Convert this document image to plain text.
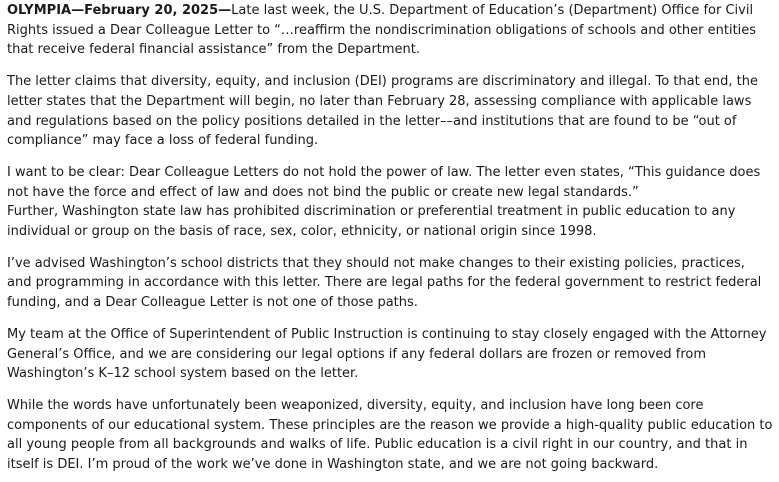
OLYMPIA—February 20, 2025—Late last week, the U.S. Department of Education’s (Department) Office for Civil Rights issued a Dear Colleague Letter to “…reaffirm the nondiscrimination obligations of schools and other entities that receive federal financial assistance” from the Department.

The letter claims that diversity, equity, and inclusion (DEI) programs are discriminatory and illegal. To that end, the letter states that the Department will begin, no later than February 28, assessing compliance with applicable laws and regulations based on the policy positions detailed in the letter––and institutions that are found to be “out of compliance” may face a loss of federal funding.

I want to be clear: Dear Colleague Letters do not hold the power of law. The letter even states, “This guidance does not have the force and effect of law and does not bind the public or create new legal standards.”
Further, Washington state law has prohibited discrimination or preferential treatment in public education to any individual or group on the basis of race, sex, color, ethnicity, or national origin since 1998.

I’ve advised Washington’s school districts that they should not make changes to their existing policies, practices, and programming in accordance with this letter. There are legal paths for the federal government to restrict federal funding, and a Dear Colleague Letter is not one of those paths.

My team at the Office of Superintendent of Public Instruction is continuing to stay closely engaged with the Attorney General’s Office, and we are considering our legal options if any federal dollars are frozen or removed from Washington’s K–12 school system based on the letter.

While the words have unfortunately been weaponized, diversity, equity, and inclusion have long been core components of our educational system. These principles are the reason we provide a high-quality public education to all young people from all backgrounds and walks of life. Public education is a civil right in our country, and that in itself is DEI. I’m proud of the work we’ve done in Washington state, and we are not going backward.
